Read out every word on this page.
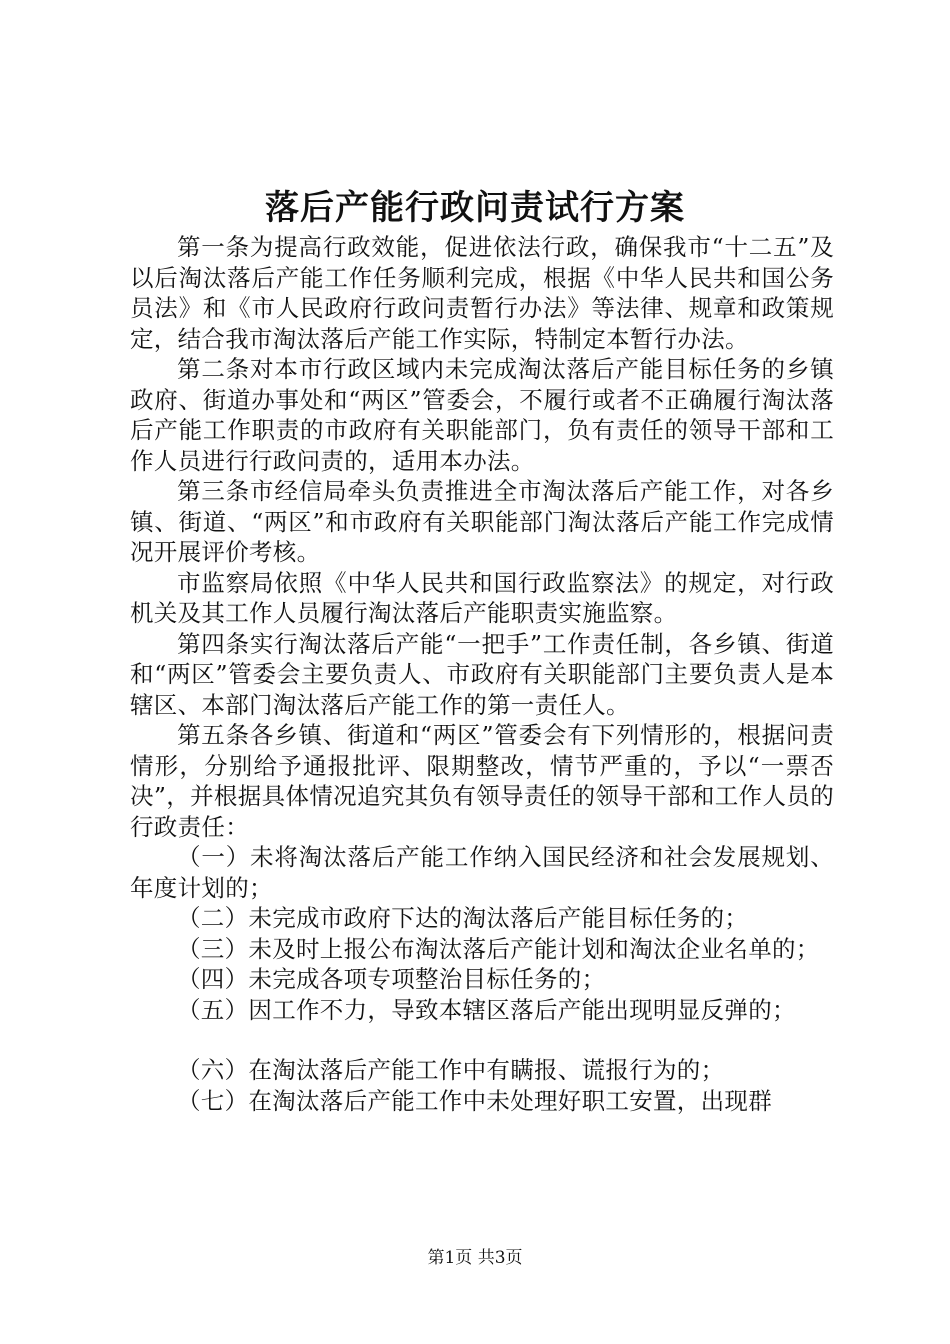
落后产能行政问责试行方案

第一条为提高行政效能，促进依法行政，确保我市“十二五”及以后淘汰落后产能工作任务顺利完成，根据《中华人民共和国公务员法》和《市人民政府行政问责暂行办法》等法律、规章和政策规定，结合我市淘汰落后产能工作实际，特制定本暂行办法。

第二条对本市行政区域内未完成淘汰落后产能目标任务的乡镇政府、街道办事处和“两区”管委会，不履行或者不正确履行淘汰落后产能工作职责的市政府有关职能部门，负有责任的领导干部和工作人员进行行政问责的，适用本办法。

第三条市经信局牵头负责推进全市淘汰落后产能工作，对各乡镇、街道、“两区”和市政府有关职能部门淘汰落后产能工作完成情况开展评价考核。

市监察局依照《中华人民共和国行政监察法》的规定，对行政机关及其工作人员履行淘汰落后产能职责实施监察。

第四条实行淘汰落后产能“一把手”工作责任制，各乡镇、街道和“两区”管委会主要负责人、市政府有关职能部门主要负责人是本辖区、本部门淘汰落后产能工作的第一责任人。

第五条各乡镇、街道和“两区”管委会有下列情形的，根据问责情形，分别给予通报批评、限期整改，情节严重的，予以“一票否决”，并根据具体情况追究其负有领导责任的领导干部和工作人员的行政责任：

（一）未将淘汰落后产能工作纳入国民经济和社会发展规划、年度计划的；

（二）未完成市政府下达的淘汰落后产能目标任务的；

（三）未及时上报公布淘汰落后产能计划和淘汰企业名单的；

（四）未完成各项专项整治目标任务的；

（五）因工作不力，导致本辖区落后产能出现明显反弹的；

（六）在淘汰落后产能工作中有瞒报、谎报行为的；

（七）在淘汰落后产能工作中未处理好职工安置，出现群

第1页 共3页
